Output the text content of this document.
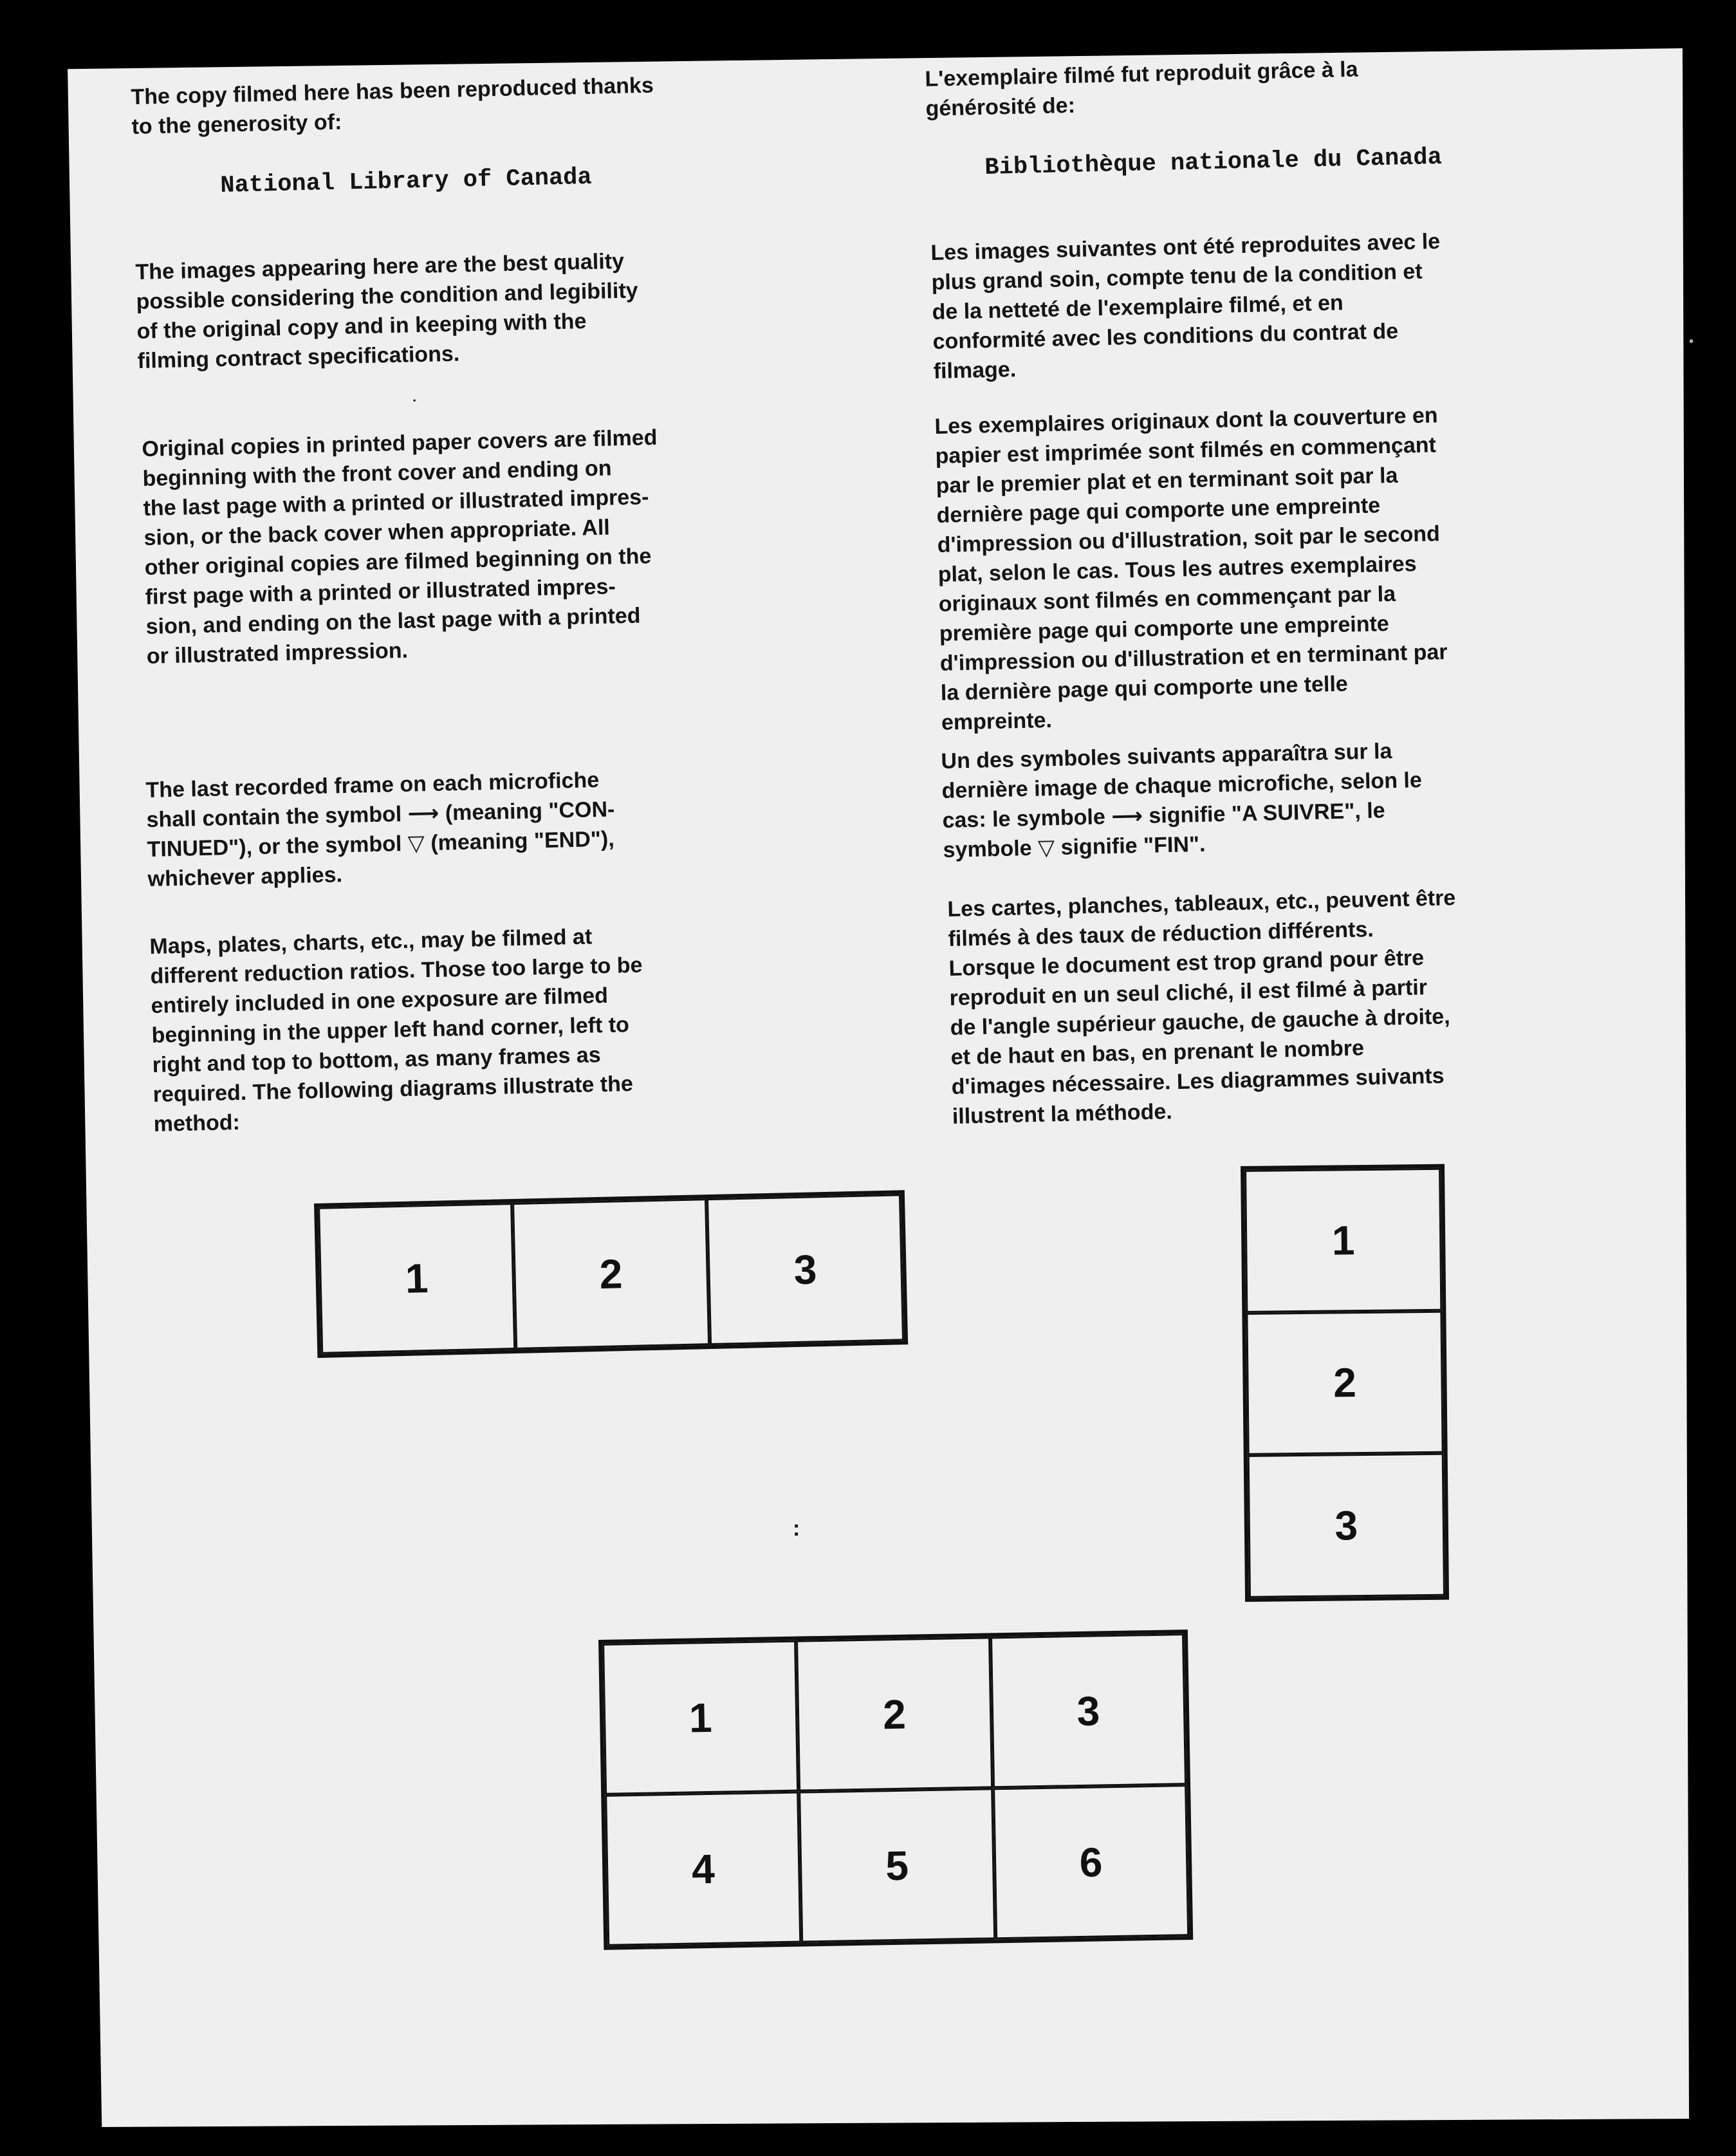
The copy filmed here has been reproduced thanks
to the generosity of:
National Library of Canada
The images appearing here are the best quality
possible considering the condition and legibility
of the original copy and in keeping with the
filming contract specifications.
Original copies in printed paper covers are filmed
beginning with the front cover and ending on
the last page with a printed or illustrated impres-
sion, or the back cover when appropriate. All
other original copies are filmed beginning on the
first page with a printed or illustrated impres-
sion, and ending on the last page with a printed
or illustrated impression.
The last recorded frame on each microfiche
shall contain the symbol ⟶ (meaning "CON-
TINUED"), or the symbol ▽ (meaning "END"),
whichever applies.
Maps, plates, charts, etc., may be filmed at
different reduction ratios. Those too large to be
entirely included in one exposure are filmed
beginning in the upper left hand corner, left to
right and top to bottom, as many frames as
required. The following diagrams illustrate the
method:
L'exemplaire filmé fut reproduit grâce à la
générosité de:
Bibliothèque nationale du Canada
Les images suivantes ont été reproduites avec le
plus grand soin, compte tenu de la condition et
de la netteté de l'exemplaire filmé, et en
conformité avec les conditions du contrat de
filmage.
Les exemplaires originaux dont la couverture en
papier est imprimée sont filmés en commençant
par le premier plat et en terminant soit par la
dernière page qui comporte une empreinte
d'impression ou d'illustration, soit par le second
plat, selon le cas. Tous les autres exemplaires
originaux sont filmés en commençant par la
première page qui comporte une empreinte
d'impression ou d'illustration et en terminant par
la dernière page qui comporte une telle
empreinte.
Un des symboles suivants apparaîtra sur la
dernière image de chaque microfiche, selon le
cas: le symbole ⟶ signifie "A SUIVRE", le
symbole ▽ signifie "FIN".
Les cartes, planches, tableaux, etc., peuvent être
filmés à des taux de réduction différents.
Lorsque le document est trop grand pour être
reproduit en un seul cliché, il est filmé à partir
de l'angle supérieur gauche, de gauche à droite,
et de haut en bas, en prenant le nombre
d'images nécessaire. Les diagrammes suivants
illustrent la méthode.
1	2	3
1
2
3
1	2	3
4	5	6
:
•
•
